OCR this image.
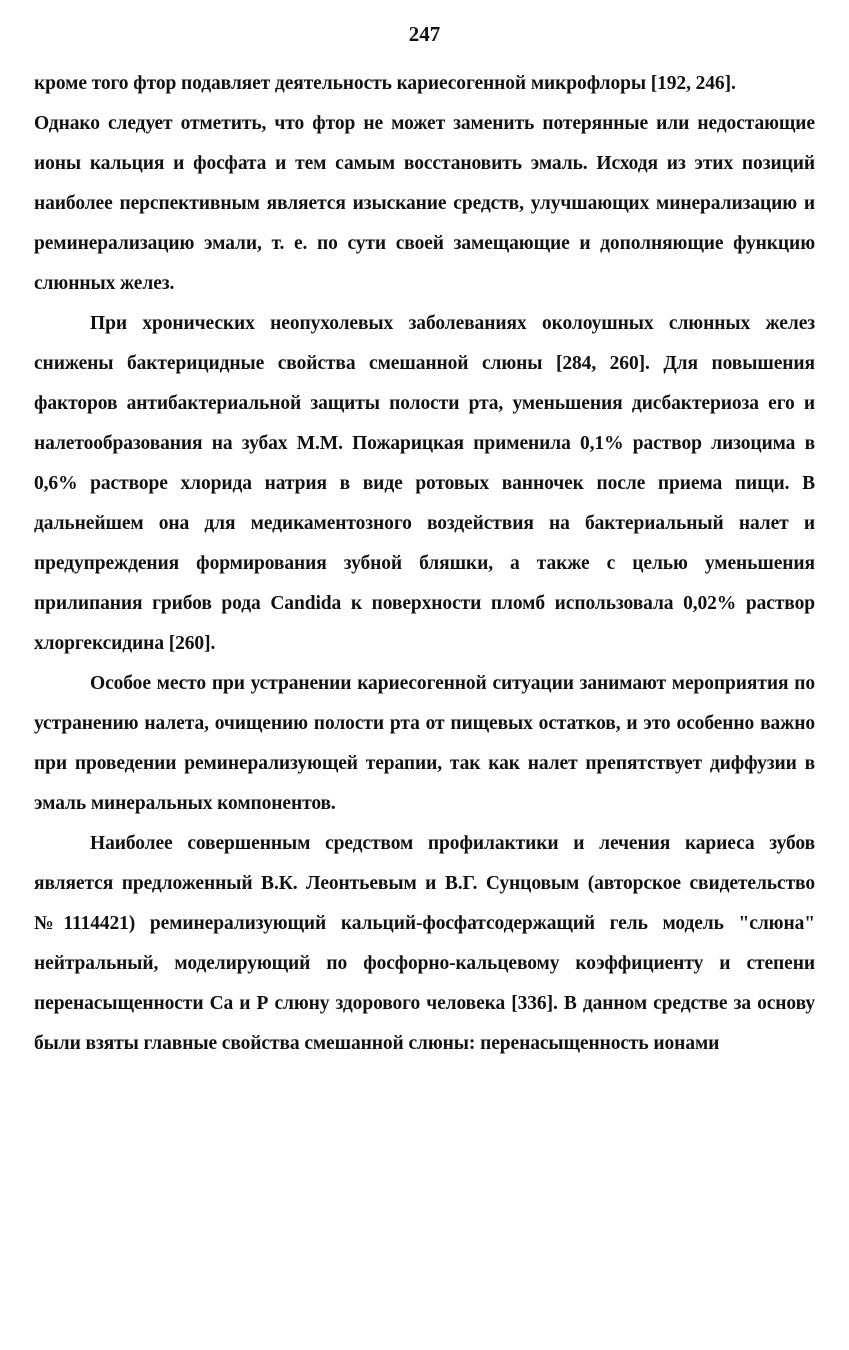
247

кроме того фтор подавляет деятельность кариесогенной микрофлоры [192, 246].

Однако следует отметить, что фтор не может заменить потерянные или недостающие ионы кальция и фосфата и тем самым восстановить эмаль. Исходя из этих позиций наиболее перспективным является изыскание средств, улучшающих минерализацию и реминерализацию эмали, т. е. по сути своей замещающие и дополняющие функцию слюнных желез.

При хронических неопухолевых заболеваниях околоушных слюнных желез снижены бактерицидные свойства смешанной слюны [284, 260]. Для повышения факторов антибактериальной защиты полости рта, уменьшения дисбактериоза его и налетообразования на зубах М.М. Пожарицкая применила 0,1% раствор лизоцима в 0,6% растворе хлорида натрия в виде ротовых ванночек после приема пищи. В дальнейшем она для медикаментозного воздействия на бактериальный налет и предупреждения формирования зубной бляшки, а также с целью уменьшения прилипания грибов рода Candida к поверхности пломб использовала 0,02% раствор хлоргексидина [260].

Особое место при устранении кариесогенной ситуации занимают мероприятия по устранению налета, очищению полости рта от пищевых остатков, и это особенно важно при проведении реминерализующей терапии, так как налет препятствует диффузии в эмаль минеральных компонентов.

Наиболее совершенным средством профилактики и лечения кариеса зубов является предложенный В.К. Леонтьевым и В.Г. Сунцовым (авторское свидетельство №1114421) реминерализующий кальций-фосфатсодержащий гель модель "слюна" нейтральный, моделирующий по фосфорно-кальцевому коэффициенту и степени перенасыщенности Са и Р слюну здорового человека [336]. В данном средстве за основу были взяты главные свойства смешанной слюны: перенасыщенность ионами
